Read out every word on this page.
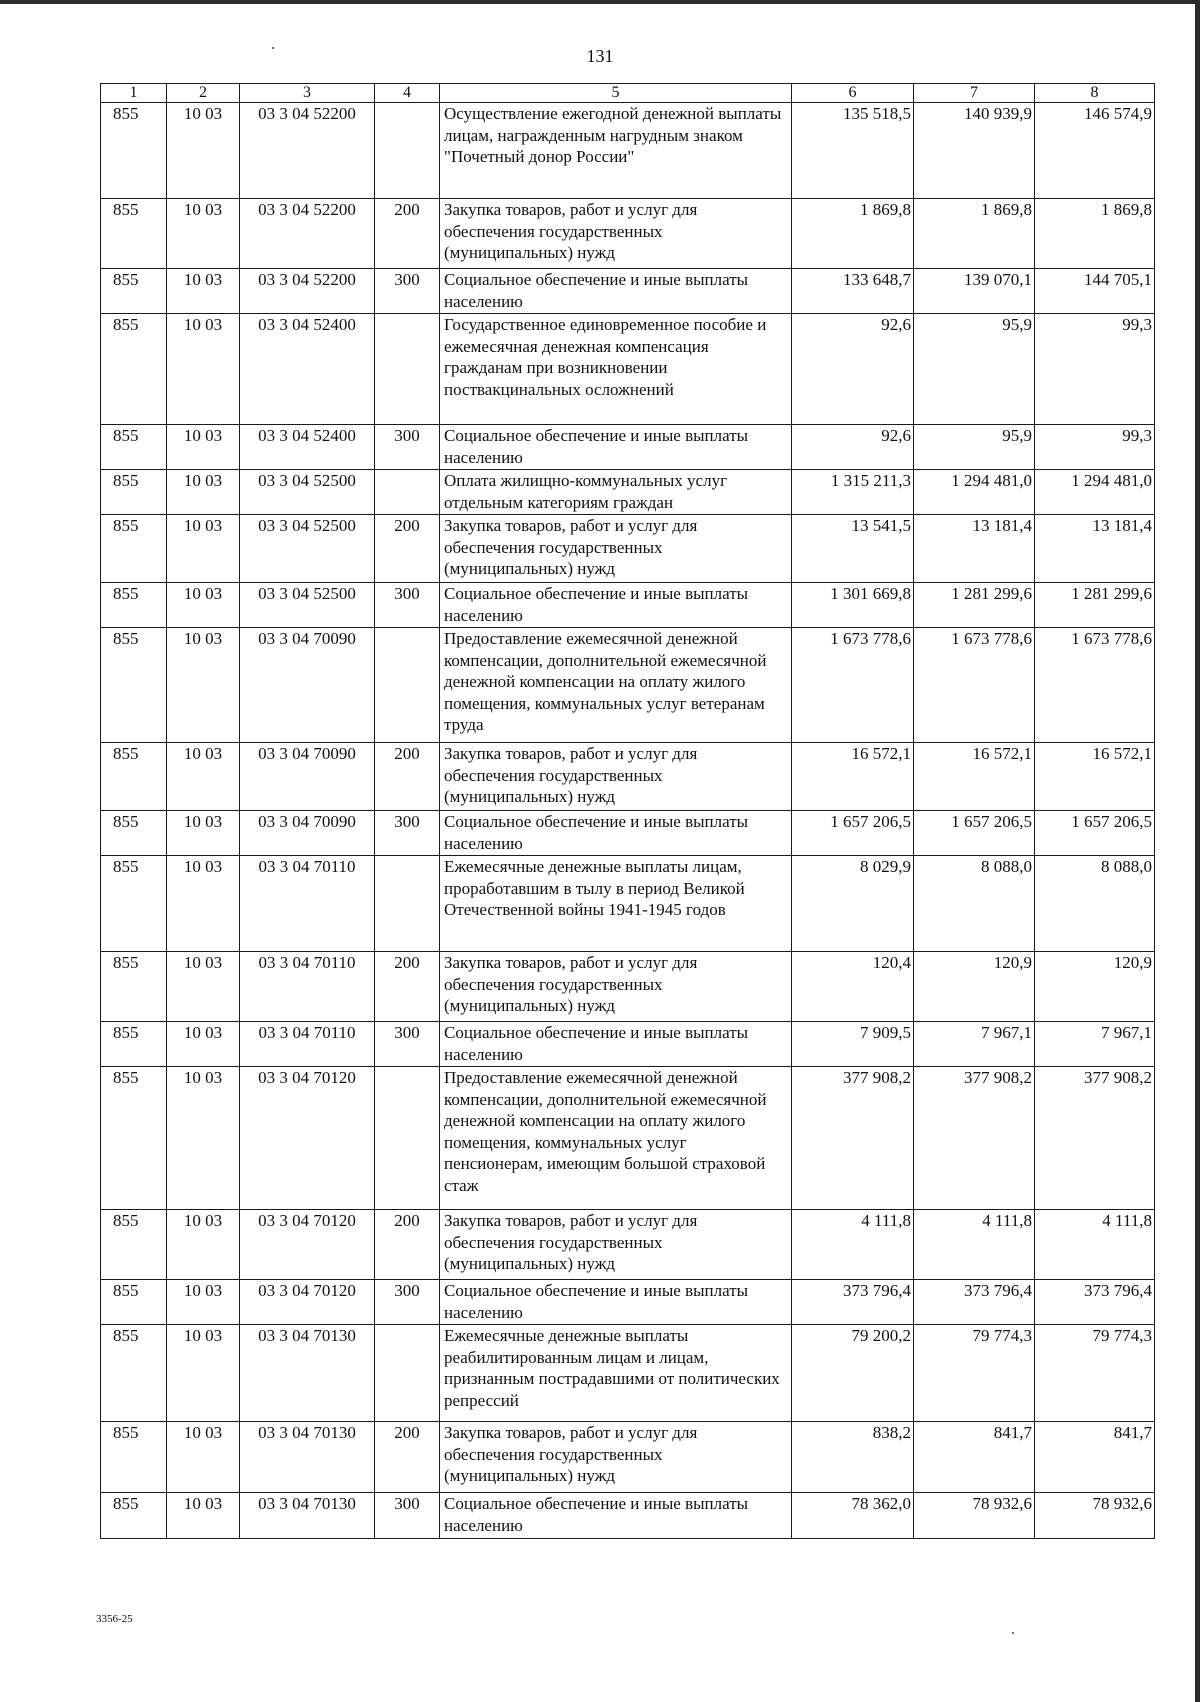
131
1	2	3	4	5	6	7	8
855	10 03	03 3 04 52200		Осуществление ежегодной денежной выплаты лицам, награжденным нагрудным знаком "Почетный донор России"	135 518,5	140 939,9	146 574,9
855	10 03	03 3 04 52200	200	Закупка товаров, работ и услуг для обеспечения государственных (муниципальных) нужд	1 869,8	1 869,8	1 869,8
855	10 03	03 3 04 52200	300	Социальное обеспечение и иные выплаты населению	133 648,7	139 070,1	144 705,1
855	10 03	03 3 04 52400		Государственное единовременное пособие и ежемесячная денежная компенсация гражданам при возникновении поствакцинальных осложнений	92,6	95,9	99,3
855	10 03	03 3 04 52400	300	Социальное обеспечение и иные выплаты населению	92,6	95,9	99,3
855	10 03	03 3 04 52500		Оплата жилищно-коммунальных услуг отдельным категориям граждан	1 315 211,3	1 294 481,0	1 294 481,0
855	10 03	03 3 04 52500	200	Закупка товаров, работ и услуг для обеспечения государственных (муниципальных) нужд	13 541,5	13 181,4	13 181,4
855	10 03	03 3 04 52500	300	Социальное обеспечение и иные выплаты населению	1 301 669,8	1 281 299,6	1 281 299,6
855	10 03	03 3 04 70090		Предоставление ежемесячной денежной компенсации, дополнительной ежемесячной денежной компенсации на оплату жилого помещения, коммунальных услуг ветеранам труда	1 673 778,6	1 673 778,6	1 673 778,6
855	10 03	03 3 04 70090	200	Закупка товаров, работ и услуг для обеспечения государственных (муниципальных) нужд	16 572,1	16 572,1	16 572,1
855	10 03	03 3 04 70090	300	Социальное обеспечение и иные выплаты населению	1 657 206,5	1 657 206,5	1 657 206,5
855	10 03	03 3 04 70110		Ежемесячные денежные выплаты лицам, проработавшим в тылу в период Великой Отечественной войны 1941-1945 годов	8 029,9	8 088,0	8 088,0
855	10 03	03 3 04 70110	200	Закупка товаров, работ и услуг для обеспечения государственных (муниципальных) нужд	120,4	120,9	120,9
855	10 03	03 3 04 70110	300	Социальное обеспечение и иные выплаты населению	7 909,5	7 967,1	7 967,1
855	10 03	03 3 04 70120		Предоставление ежемесячной денежной компенсации, дополнительной ежемесячной денежной компенсации на оплату жилого помещения, коммунальных услуг пенсионерам, имеющим большой страховой стаж	377 908,2	377 908,2	377 908,2
855	10 03	03 3 04 70120	200	Закупка товаров, работ и услуг для обеспечения государственных (муниципальных) нужд	4 111,8	4 111,8	4 111,8
855	10 03	03 3 04 70120	300	Социальное обеспечение и иные выплаты населению	373 796,4	373 796,4	373 796,4
855	10 03	03 3 04 70130		Ежемесячные денежные выплаты реабилитированным лицам и лицам, признанным пострадавшими от политических репрессий	79 200,2	79 774,3	79 774,3
855	10 03	03 3 04 70130	200	Закупка товаров, работ и услуг для обеспечения государственных (муниципальных) нужд	838,2	841,7	841,7
855	10 03	03 3 04 70130	300	Социальное обеспечение и иные выплаты населению	78 362,0	78 932,6	78 932,6
3356-25
